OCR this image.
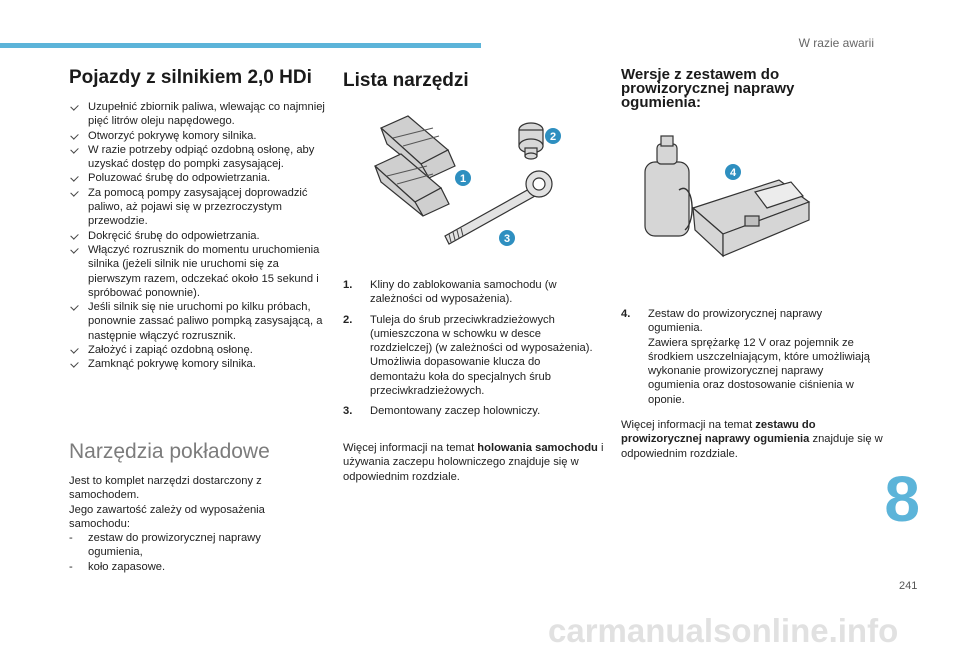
W razie awarii
Pojazdy z silnikiem 2,0 HDi
Uzupełnić zbiornik paliwa, wlewając co najmniej pięć litrów oleju napędowego.
Otworzyć pokrywę komory silnika.
W razie potrzeby odpiąć ozdobną osłonę, aby uzyskać dostęp do pompki zasysającej.
Poluzować śrubę do odpowietrzania.
Za pomocą pompy zasysającej doprowadzić paliwo, aż pojawi się w przezroczystym przewodzie.
Dokręcić śrubę do odpowietrzania.
Włączyć rozrusznik do momentu uruchomienia silnika (jeżeli silnik nie uruchomi się za pierwszym razem, odczekać około 15 sekund i spróbować ponownie).
Jeśli silnik się nie uruchomi po kilku próbach, ponownie zassać paliwo pompką zasysającą, a następnie włączyć rozrusznik.
Założyć i zapiąć ozdobną osłonę.
Zamknąć pokrywę komory silnika.
Narzędzia pokładowe
Jest to komplet narzędzi dostarczony z samochodem.
Jego zawartość zależy od wyposażenia samochodu:
- zestaw do prowizorycznej naprawy ogumienia,
- koło zapasowe.
Lista narzędzi
1
2
3
1. Kliny do zablokowania samochodu (w zależności od wyposażenia).
2. Tuleja do śrub przeciwkradzieżowych (umieszczona w schowku w desce rozdzielczej) (w zależności od wyposażenia).
Umożliwia dopasowanie klucza do demontażu koła do specjalnych śrub przeciwkradzieżowych.
3. Demontowany zaczep holowniczy.

Więcej informacji na temat holowania samochodu i używania zaczepu holowniczego znajduje się w odpowiednim rozdziale.

Wersje z zestawem do prowizorycznej naprawy ogumienia:
4
4. Zestaw do prowizorycznej naprawy ogumienia.
Zawiera sprężarkę 12 V oraz pojemnik ze środkiem uszczelniającym, które umożliwiają wykonanie prowizorycznej naprawy ogumienia oraz dostosowanie ciśnienia w oponie.

Więcej informacji na temat zestawu do prowizorycznej naprawy ogumienia znajduje się w odpowiednim rozdziale.

8
241
carmanualsonline.info
